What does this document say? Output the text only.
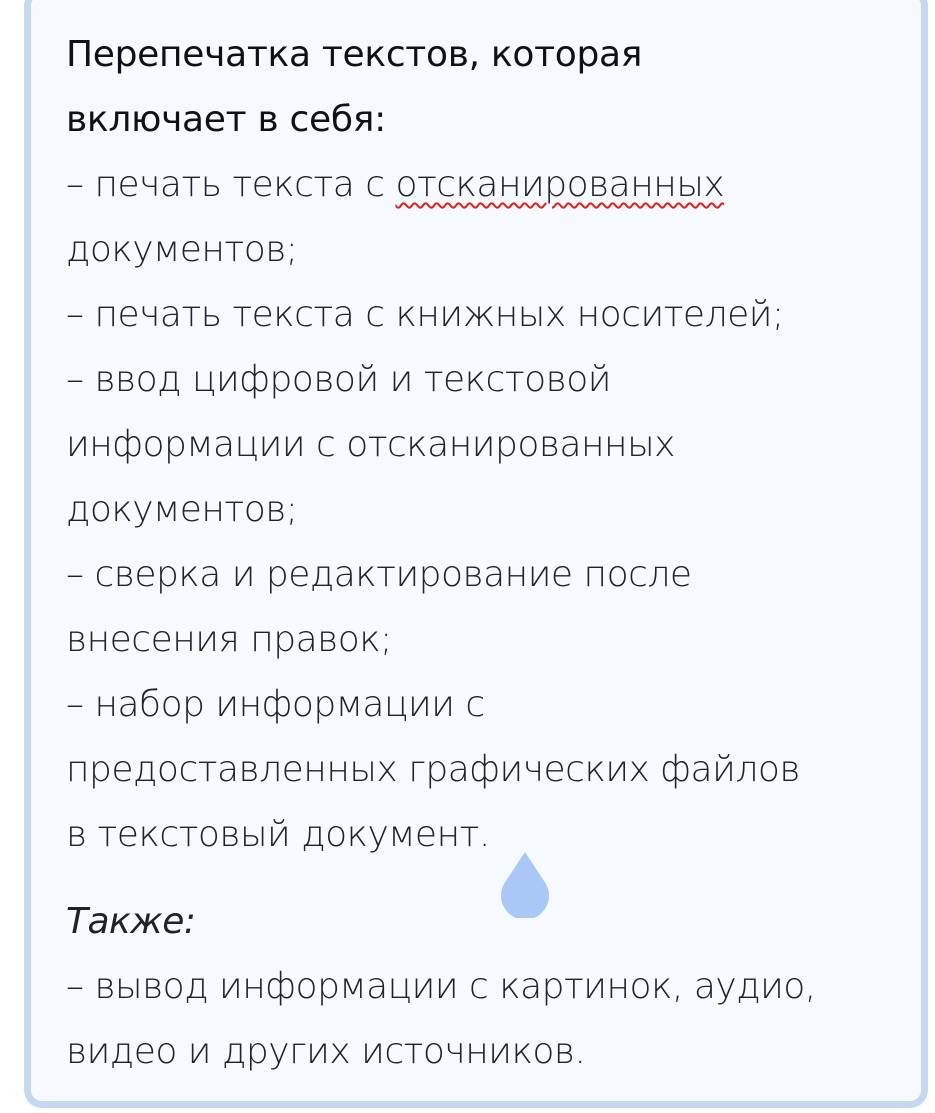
Перепечатка текстов, которая
включает в себя:
– печать текста с отсканированных
документов;
– печать текста с книжных носителей;
– ввод цифровой и текстовой
информации с отсканированных
документов;
– сверка и редактирование после
внесения правок;
– набор информации с
предоставленных графических файлов
в текстовый документ.
Также:
– вывод информации с картинок, аудио,
видео и других источников.
